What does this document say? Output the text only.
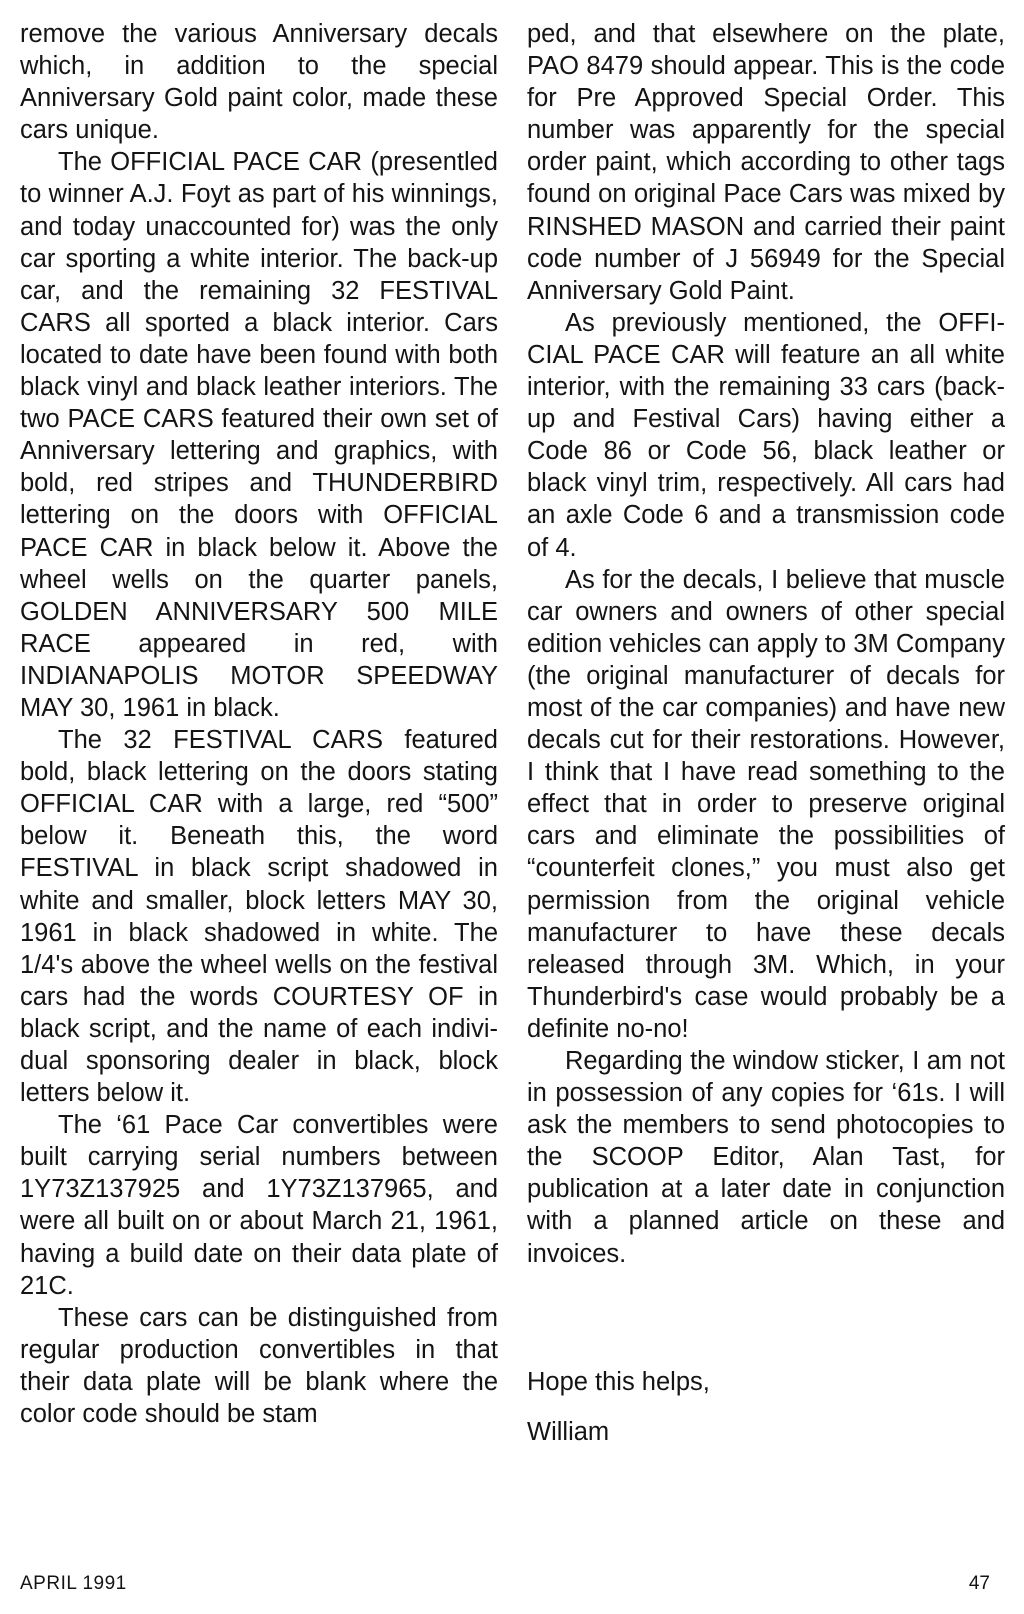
remove the various Anniversary decals which, in addition to the special Anniversary Gold paint color, made these cars unique.

The OFFICIAL PACE CAR (presentled to winner A.J. Foyt as part of his winnings, and today unaccounted for) was the only car sporting a white interior. The back-up car, and the remaining 32 FESTIVAL CARS all sported a black interior. Cars located to date have been found with both black vinyl and black leather interiors. The two PACE CARS featured their own set of Anniversary lettering and graphics, with bold, red stripes and THUNDERBIRD lettering on the doors with OFFICIAL PACE CAR in black below it. Above the wheel wells on the quarter panels, GOLDEN ANNIVERSARY 500 MILE RACE appeared in red, with INDIANAPOLIS MOTOR SPEEDWAY MAY 30, 1961 in black.

The 32 FESTIVAL CARS featured bold, black lettering on the doors stating OFFICIAL CAR with a large, red “500” below it. Beneath this, the word FESTIVAL in black script shadowed in white and smaller, block letters MAY 30, 1961 in black shadowed in white. The 1/4's above the wheel wells on the festival cars had the words COURTESY OF in black script, and the name of each individual sponsoring dealer in black, block letters below it.

The ‘61 Pace Car convertibles were built carrying serial numbers between 1Y73Z137925 and 1Y73Z137965, and were all built on or about March 21, 1961, having a build date on their data plate of 21C.

These cars can be distinguished from regular production convertibles in that their data plate will be blank where the color code should be stam

ped, and that elsewhere on the plate, PAO 8479 should appear. This is the code for Pre Approved Special Order. This number was apparently for the special order paint, which according to other tags found on original Pace Cars was mixed by RINSHED MASON and carried their paint code number of J 56949 for the Special Anniversary Gold Paint.

As previously mentioned, the OFFICIAL PACE CAR will feature an all white interior, with the remaining 33 cars (back-up and Festival Cars) having either a Code 86 or Code 56, black leather or black vinyl trim, respectively. All cars had an axle Code 6 and a transmission code of 4.

As for the decals, I believe that muscle car owners and owners of other special edition vehicles can apply to 3M Company (the original manufacturer of decals for most of the car companies) and have new decals cut for their restorations. However, I think that I have read something to the effect that in order to preserve original cars and eliminate the possibilities of “counterfeit clones,” you must also get permission from the original vehicle manufacturer to have these decals released through 3M. Which, in your Thunderbird's case would probably be a definite no-no!

Regarding the window sticker, I am not in possession of any copies for ‘61s. I will ask the members to send photocopies to the SCOOP Editor, Alan Tast, for publication at a later date in conjunction with a planned article on these and invoices.

Hope this helps,

William

APRIL 1991	47
